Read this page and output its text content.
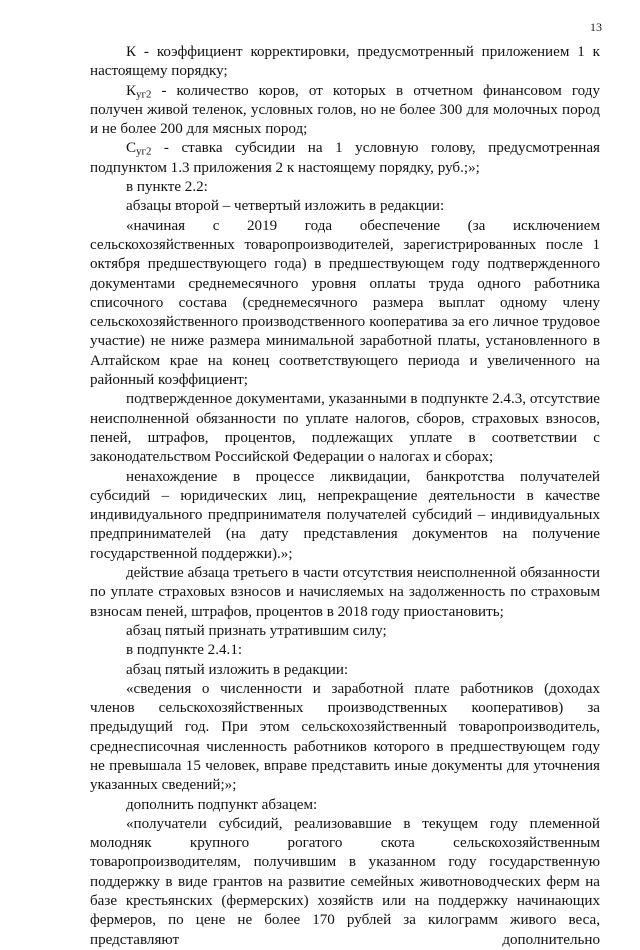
13

К - коэффициент корректировки, предусмотренный приложением 1 к настоящему порядку;

$К_{уг2}$ - количество коров, от которых в отчетном финансовом году получен живой теленок, условных голов, но не более 300 для молочных пород и не более 200 для мясных пород;

$С_{уг2}$ - ставка субсидии на 1 условную голову, предусмотренная подпунктом 1.3 приложения 2 к настоящему порядку, руб.;»;

в пункте 2.2:

абзацы второй – четвертый изложить в редакции:

«начиная с 2019 года обеспечение (за исключением сельскохозяйственных товаропроизводителей, зарегистрированных после 1 октября предшествующего года) в предшествующем году подтвержденного документами среднемесячного уровня оплаты труда одного работника списочного состава (среднемесячного размера выплат одному члену сельскохозяйственного производственного кооператива за его личное трудовое участие) не ниже размера минимальной заработной платы, установленного в Алтайском крае на конец соответствующего периода и увеличенного на районный коэффициент;

подтвержденное документами, указанными в подпункте 2.4.3, отсутствие неисполненной обязанности по уплате налогов, сборов, страховых взносов, пеней, штрафов, процентов, подлежащих уплате в соответствии с законодательством Российской Федерации о налогах и сборах;

ненахождение в процессе ликвидации, банкротства получателей субсидий – юридических лиц, непрекращение деятельности в качестве индивидуального предпринимателя получателей субсидий – индивидуальных предпринимателей (на дату представления документов на получение государственной поддержки).»;

действие абзаца третьего в части отсутствия неисполненной обязанности по уплате страховых взносов и начисляемых на задолженность по страховым взносам пеней, штрафов, процентов в 2018 году приостановить;

абзац пятый признать утратившим силу;

в подпункте 2.4.1:

абзац пятый изложить в редакции:

«сведения о численности и заработной плате работников (доходах членов сельскохозяйственных производственных кооперативов) за предыдущий год. При этом сельскохозяйственный товаропроизводитель, среднесписочная численность работников которого в предшествующем году не превышала 15 человек, вправе представить иные документы для уточнения указанных сведений;»;

дополнить подпункт абзацем:

«получатели субсидий, реализовавшие в текущем году племенной молодняк крупного рогатого скота сельскохозяйственным товаропроизводителям, получившим в указанном году государственную поддержку в виде грантов на развитие семейных животноводческих ферм на базе крестьянских (фермерских) хозяйств или на поддержку начинающих фермеров, по цене не более 170 рублей за килограмм живого веса, представляют дополнительно
